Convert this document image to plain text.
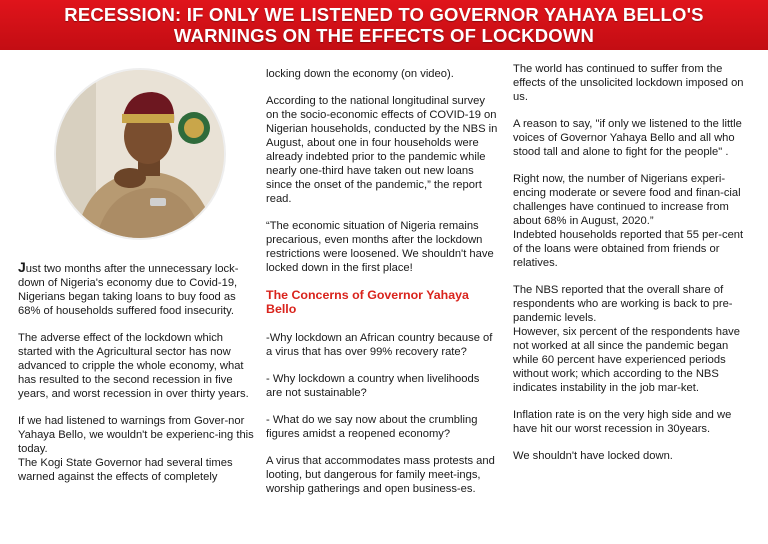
RECESSION: IF ONLY WE LISTENED TO GOVERNOR YAHAYA BELLO'S
WARNINGS ON THE EFFECTS OF LOCKDOWN

Just two months after the unnecessary lock-down of Nigeria's economy due to Covid-19, Nigerians began taking loans to buy food as 68% of households suffered food insecurity.

The adverse effect of the lockdown which started with the Agricultural sector has now advanced to cripple the whole economy, what has resulted to the second recession in five years, and worst recession in over thirty years.

If we had listened to warnings from Gover-nor Yahaya Bello, we wouldn't be experienc-ing this today.

The Kogi State Governor had several times warned against the effects of completely

locking down the economy (on video).

According to the national longitudinal survey on the socio-economic effects of COVID-19 on Nigerian households, conducted by the NBS in August, about one in four households were already indebted prior to the pandemic while nearly one-third have taken out new loans since the onset of the pandemic,” the report read.

“The economic situation of Nigeria remains precarious, even months after the lockdown restrictions were loosened. We shouldn't have locked down in the first place!

The Concerns of Governor Yahaya Bello

-Why lockdown an African country because of a virus that has over 99% recovery rate?

- Why lockdown a country when livelihoods are not sustainable?

- What do we say now about the crumbling figures amidst a reopened economy?

A virus that accommodates mass protests and looting, but dangerous for family meet-ings, worship gatherings and open business-es.

The world has continued to suffer from the effects of the unsolicited lockdown imposed on us.

A reason to say, "if only we listened to the little voices of Governor Yahaya Bello and all who stood tall and alone to fight for the people" .

Right now, the number of Nigerians experi-encing moderate or severe food and finan-cial challenges have continued to increase from about 68% in August, 2020.”

Indebted households reported that 55 per-cent of the loans were obtained from friends or relatives.

The NBS reported that the overall share of respondents who are working is back to pre-pandemic levels.

However, six percent of the respondents have not worked at all since the pandemic began while 60 percent have experienced periods without work; which according to the NBS indicates instability in the job mar-ket.

Inflation rate is on the very high side and we have hit our worst recession in 30years.

We shouldn't have locked down.
